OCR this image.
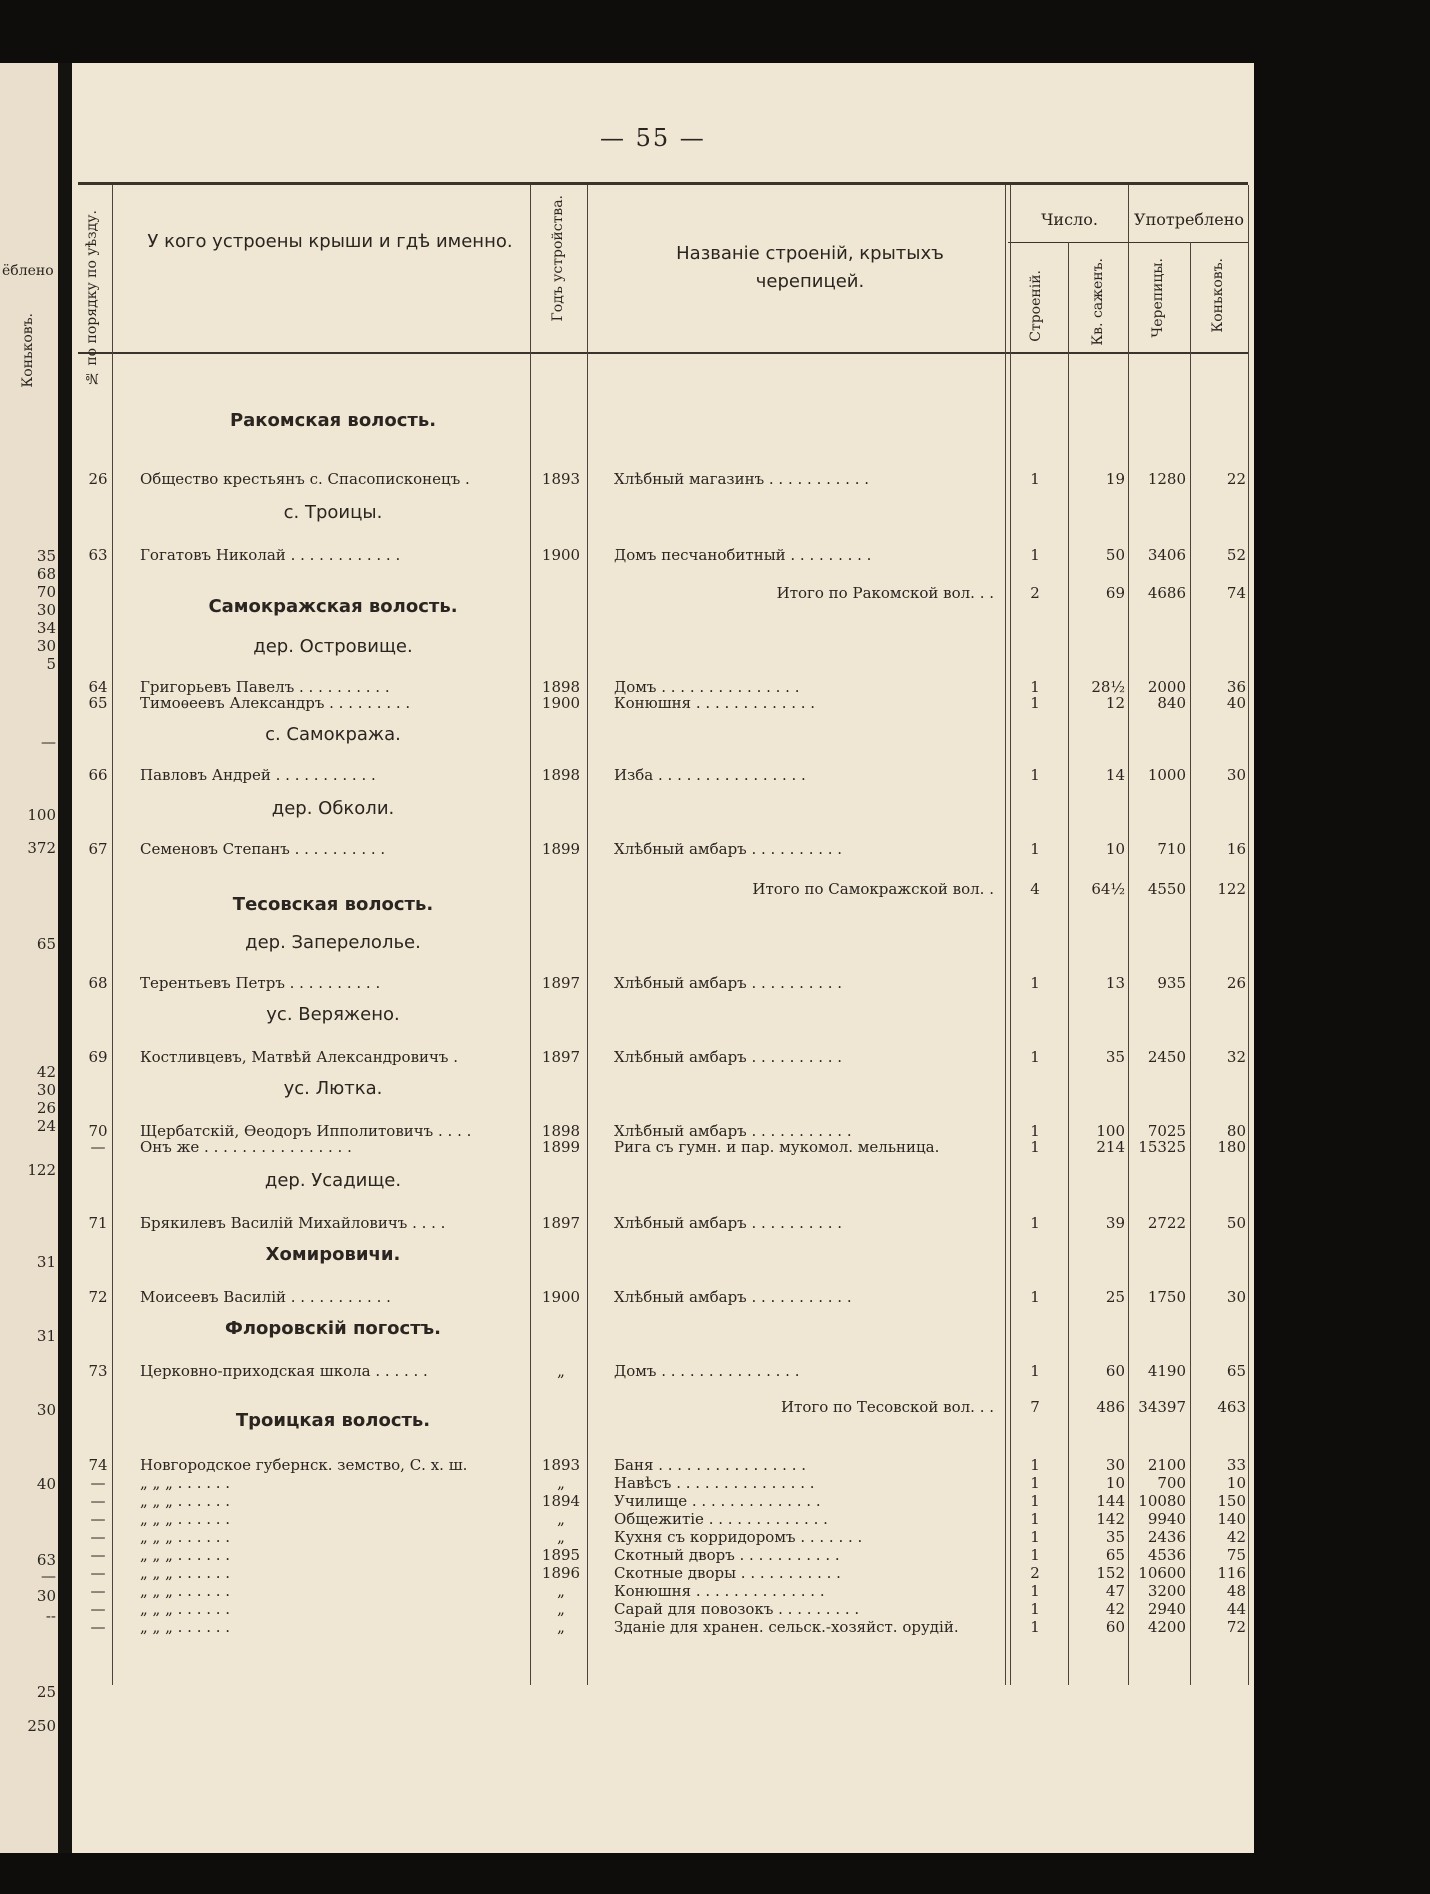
ёблено
Коньковъ.
35
68
70
30
34
30
5
—
100
372
65
42
30
26
24
122
31
31
30
40
63
—
30
--
25
250
— 55 —
№ по порядку по уѣзду.	У кого устроены крыши и гдѣ именно.	Годъ устройства.	Названіе строеній, крытыхъ черепицей.
Число.	Употреблено
Строеній.	Кв. саженъ.	Черепицы.	Коньковъ.
Ракомская волость.
с. Троицы.
Самокражская волость.
дер. Островище.
с. Самокража.
дер. Обколи.
Тесовская волость.
дер. Заперелолье.
ус. Веряжено.
ус. Лютка.
дер. Усадище.
Хомировичи.
Флоровскій погостъ.
Троицкая волость.
26	Общество крестьянъ с. Спасописконецъ .	1893	Хлѣбный магазинъ . . . . . . . . . . .	1	19	1280	22
63	Гогатовъ Николай . . . . . . . . . . . .	1900	Домъ песчанобитный . . . . . . . . .	1	50	3406	52
Итого по Ракомской вол. . .	2	69	4686	74
64	Григорьевъ Павелъ . . . . . . . . . .	1898	Домъ . . . . . . . . . . . . . . .	1	28½	2000	36
65	Тимоѳеевъ Александръ . . . . . . . . .	1900	Конюшня . . . . . . . . . . . . .	1	12	840	40
66	Павловъ Андрей . . . . . . . . . . .	1898	Изба . . . . . . . . . . . . . . . .	1	14	1000	30
67	Семеновъ Степанъ . . . . . . . . . .	1899	Хлѣбный амбаръ . . . . . . . . . .	1	10	710	16
Итого по Самокражской вол. .	4	64½	4550	122
68	Терентьевъ Петръ . . . . . . . . . .	1897	Хлѣбный амбаръ . . . . . . . . . .	1	13	935	26
69	Костливцевъ, Матвѣй Александровичъ .	1897	Хлѣбный амбаръ . . . . . . . . . .	1	35	2450	32
70	Щербатскій, Ѳеодоръ Ипполитовичъ . . . .	1898	Хлѣбный амбаръ . . . . . . . . . . .	1	100	7025	80
—	Онъ же . . . . . . . . . . . . . . . .	1899	Рига съ гумн. и пар. мукомол. мельница.	1	214 15325	180
71	Брякилевъ Василій Михайловичъ . . . .	1897	Хлѣбный амбаръ . . . . . . . . . .	1	39	2722	50
72	Моисеевъ Василій . . . . . . . . . . .	1900	Хлѣбный амбаръ . . . . . . . . . . .	1	25	1750	30
73	Церковно-приходская школа . . . . . .	„	Домъ . . . . . . . . . . . . . . .	1	60	4190	65
Итого по Тесовской вол. . .	7	486 34397	463
74	Новгородское губернск. земство, С. х. ш.	1893	Баня . . . . . . . . . . . . . . . .	1	30	2100	33
—	„ „ „ . . . . . .	„	Навѣсъ . . . . . . . . . . . . . . .	1	10	700	10
—	„ „ „ . . . . . .	1894	Училище . . . . . . . . . . . . . .	1	144 10080	150
—	„ „ „ . . . . . .	„	Общежитіе . . . . . . . . . . . . .	1	142	9940	140
—	„ „ „ . . . . . .	„	Кухня съ корридоромъ . . . . . . .	1	35	2436	42
—	„ „ „ . . . . . .	1895	Скотный дворъ . . . . . . . . . . .	1	65	4536	75
—	„ „ „ . . . . . .	1896	Скотные дворы . . . . . . . . . . .	2	152 10600	116
—	„ „ „ . . . . . .	„	Конюшня . . . . . . . . . . . . . .	1	47	3200	48
—	„ „ „ . . . . . .	„	Сарай для повозокъ . . . . . . . . .	1	42	2940	44
—	„ „ „ . . . . . .	„	Зданіе для хранен. сельск.-хозяйст. орудій.	1	60	4200	72
